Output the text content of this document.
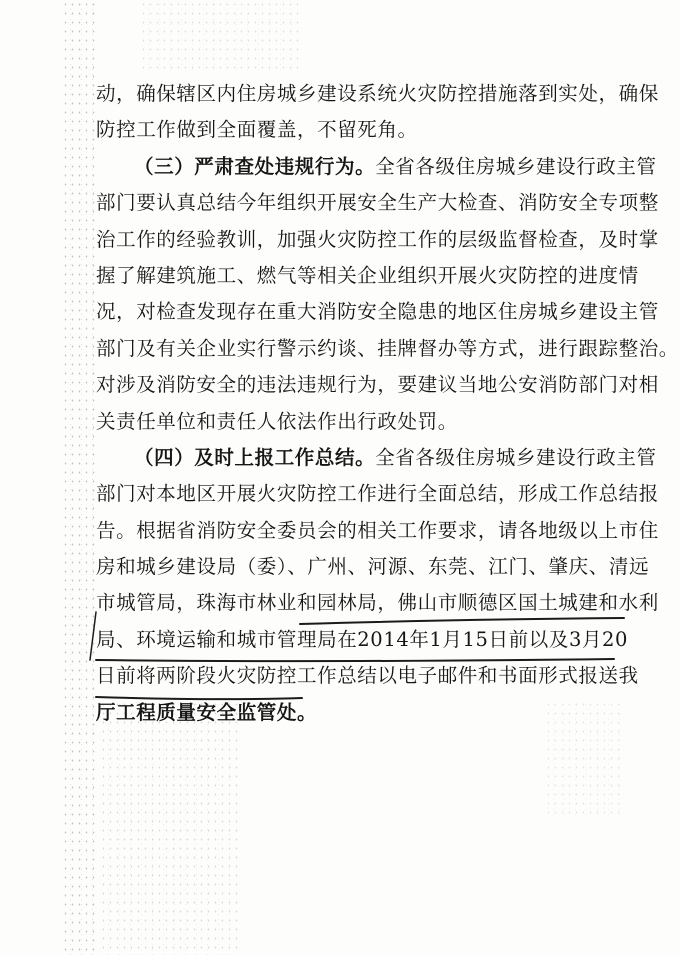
动，确保辖区内住房城乡建设系统火灾防控措施落到实处，确保
防控工作做到全面覆盖，不留死角。
（三）严肃查处违规行为。全省各级住房城乡建设行政主管
部门要认真总结今年组织开展安全生产大检查、消防安全专项整
治工作的经验教训，加强火灾防控工作的层级监督检查，及时掌
握了解建筑施工、燃气等相关企业组织开展火灾防控的进度情
况，对检查发现存在重大消防安全隐患的地区住房城乡建设主管
部门及有关企业实行警示约谈、挂牌督办等方式，进行跟踪整治。
对涉及消防安全的违法违规行为，要建议当地公安消防部门对相
关责任单位和责任人依法作出行政处罚。
（四）及时上报工作总结。全省各级住房城乡建设行政主管
部门对本地区开展火灾防控工作进行全面总结，形成工作总结报
告。根据省消防安全委员会的相关工作要求，请各地级以上市住
房和城乡建设局（委）、广州、河源、东莞、江门、肇庆、清远
市城管局，珠海市林业和园林局，佛山市顺德区国土城建和水利
局、环境运输和城市管理局在2014年1月15日前以及3月20
日前将两阶段火灾防控工作总结以电子邮件和书面形式报送我
厅工程质量安全监管处。
